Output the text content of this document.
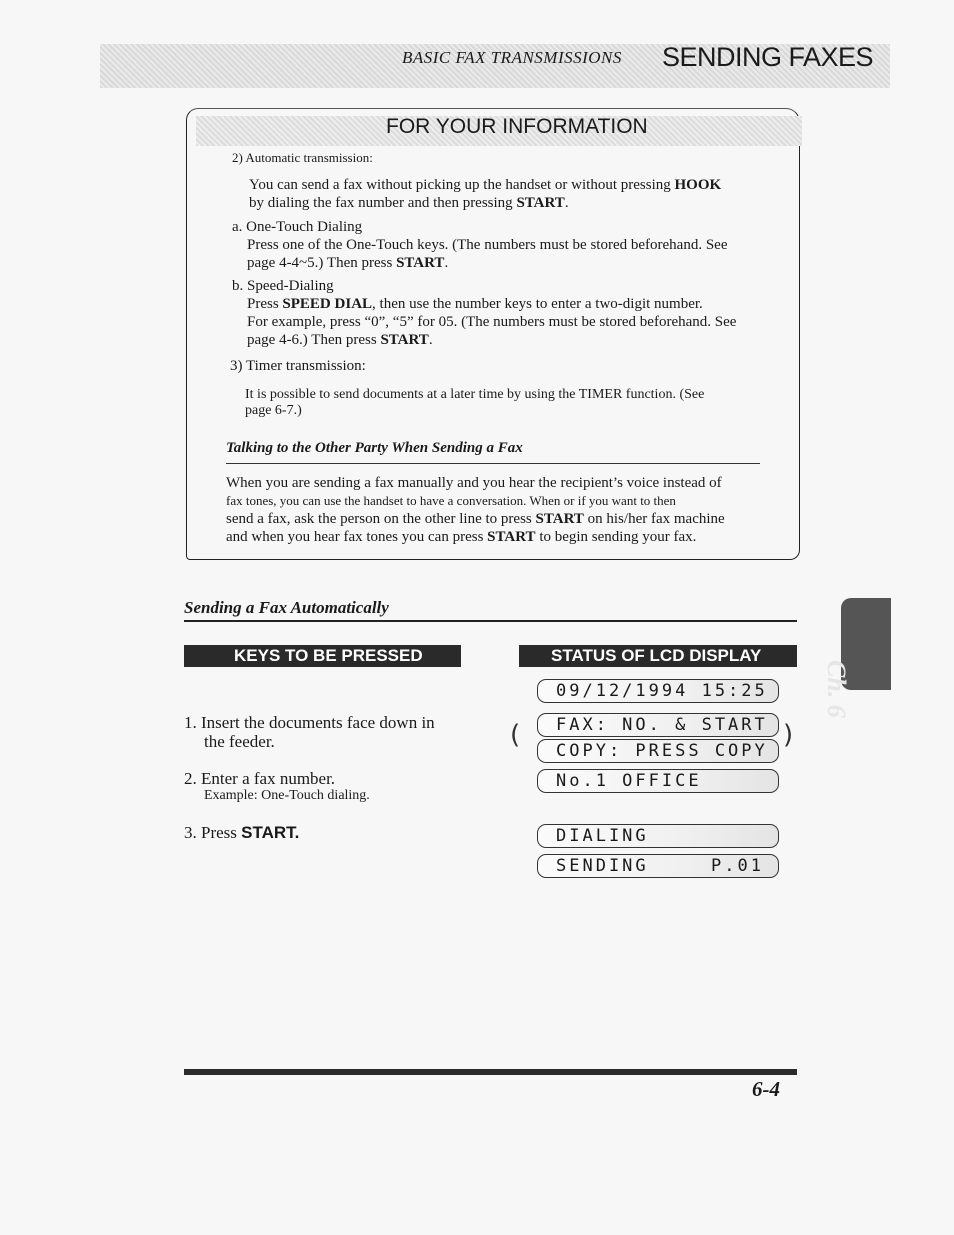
BASIC FAX TRANSMISSIONS SENDING FAXES
FOR YOUR INFORMATION
2) Automatic transmission:
You can send a fax without picking up the handset or without pressing HOOK
by dialing the fax number and then pressing START.
a. One-Touch Dialing
Press one of the One-Touch keys. (The numbers must be stored beforehand. See
page 4-4~5.) Then press START.
b. Speed-Dialing
Press SPEED DIAL, then use the number keys to enter a two-digit number.
For example, press “0”, “5” for 05. (The numbers must be stored beforehand. See
page 4-6.) Then press START.
3) Timer transmission:
It is possible to send documents at a later time by using the TIMER function. (See
page 6-7.)
Talking to the Other Party When Sending a Fax
When you are sending a fax manually and you hear the recipient’s voice instead of
fax tones, you can use the handset to have a conversation. When or if you want to then
send a fax, ask the person on the other line to press START on his/her fax machine
and when you hear fax tones you can press START to begin sending your fax.
Sending a Fax Automatically
KEYS TO BE PRESSED	STATUS OF LCD DISPLAY
1. Insert the documents face down in
the feeder.
2. Enter a fax number.
Example: One-Touch dialing.
3. Press START.
09/12/1994 15:25
(	FAX: NO. & START
COPY: PRESS COPY
)
No.1 OFFICE
DIALING
SENDING	P.01
Ch. 6
6-4
